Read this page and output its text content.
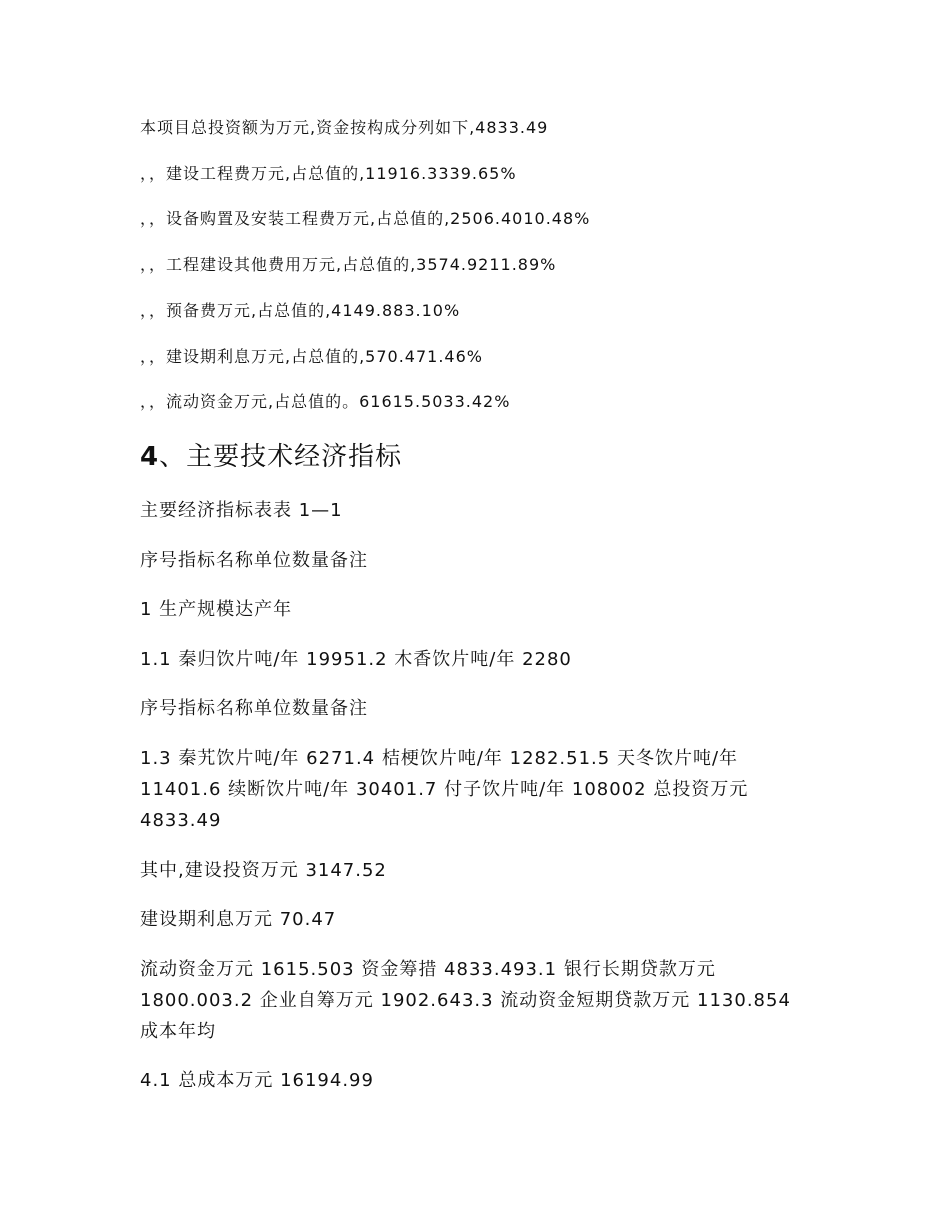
本项目总投资额为万元,资金按构成分列如下,4833.49
，，建设工程费万元,占总值的,11916.3339.65%
，，设备购置及安装工程费万元,占总值的,2506.4010.48%
，，工程建设其他费用万元,占总值的,3574.9211.89%
，，预备费万元,占总值的,4149.883.10%
，，建设期利息万元,占总值的,570.471.46%
，，流动资金万元,占总值的。61615.5033.42%
4、主要技术经济指标
主要经济指标表表 1—1
序号指标名称单位数量备注
1 生产规模达产年
1.1 秦归饮片吨/年 19951.2 木香饮片吨/年 2280
序号指标名称单位数量备注
1.3 秦艽饮片吨/年 6271.4 桔梗饮片吨/年 1282.51.5 天冬饮片吨/年 11401.6 续断饮片吨/年 30401.7 付子饮片吨/年 108002 总投资万元 4833.49
其中,建设投资万元 3147.52
建设期利息万元 70.47
流动资金万元 1615.503 资金筹措 4833.493.1 银行长期贷款万元 1800.003.2 企业自筹万元 1902.643.3 流动资金短期贷款万元 1130.854 成本年均
4.1 总成本万元 16194.99
